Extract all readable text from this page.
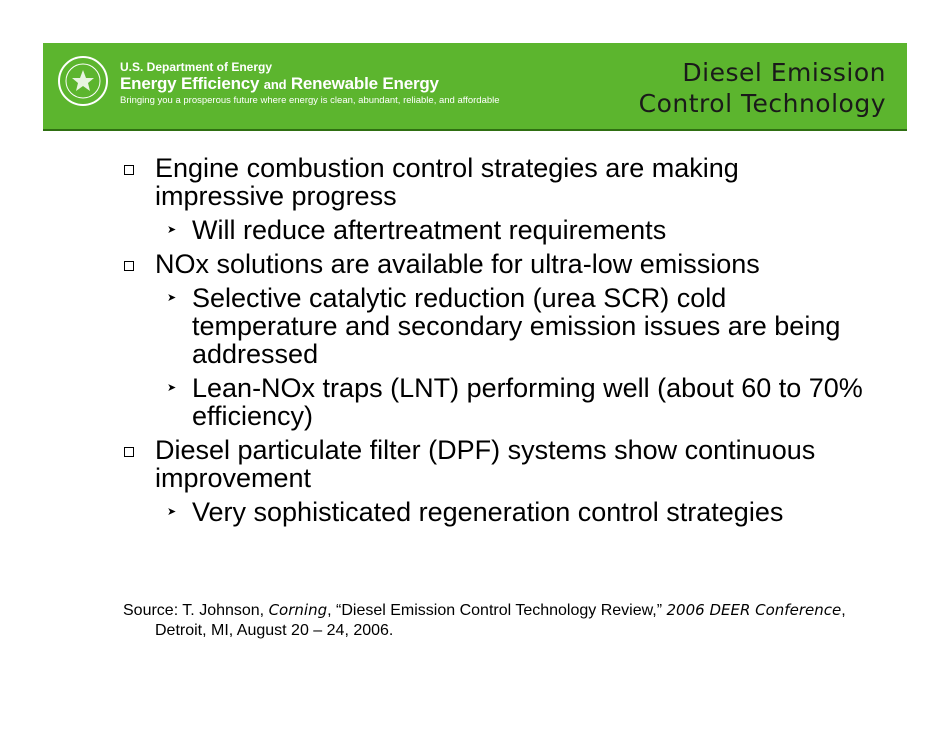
U.S. Department of Energy
Energy Efficiency and Renewable Energy
Bringing you a prosperous future where energy is clean, abundant, reliable, and affordable
Diesel Emission
Control Technology
Engine combustion control strategies are making impressive progress
➤ Will reduce aftertreatment requirements
NOx solutions are available for ultra-low emissions
➤ Selective catalytic reduction (urea SCR) cold temperature and secondary emission issues are being addressed
➤ Lean-NOx traps (LNT) performing well (about 60 to 70% efficiency)
Diesel particulate filter (DPF) systems show continuous improvement
➤ Very sophisticated regeneration control strategies
Source: T. Johnson, Corning, “Diesel Emission Control Technology Review,” 2006 DEER Conference, Detroit, MI, August 20 – 24, 2006.
